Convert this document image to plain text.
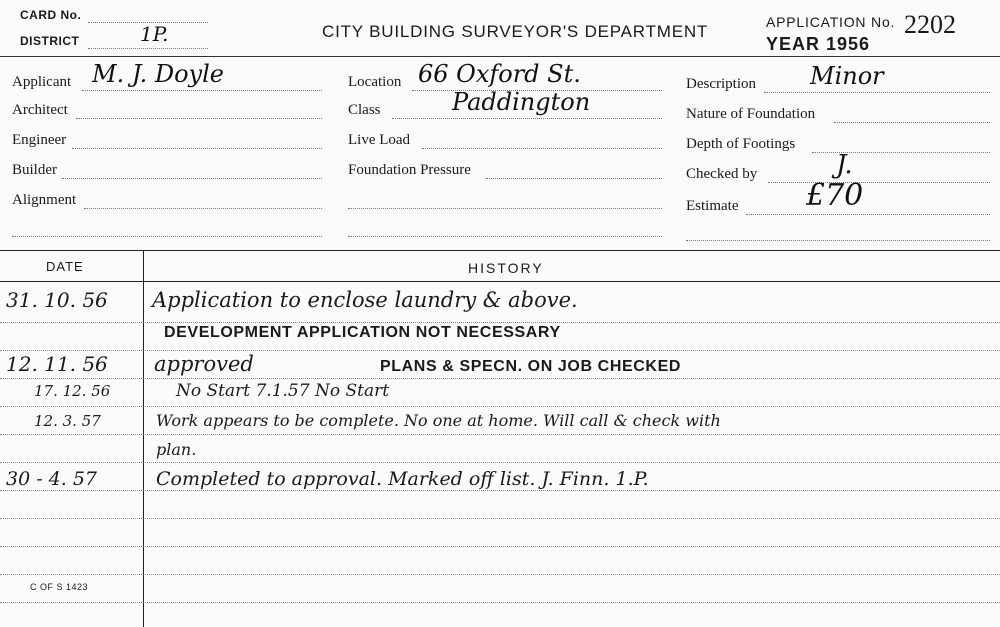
CARD No.
DISTRICT	1P.	CITY BUILDING SURVEYOR'S DEPARTMENT	APPLICATION No. 2202
YEAR 1956
Applicant M. J. Doyle
Architect
Engineer
Builder
Alignment
Location 66 Oxford St.
Class	Paddington
Live Load
Foundation Pressure
Description Minor
Nature of Foundation
Depth of Footings
Checked by	J.
Estimate £70
DATE	HISTORY
31. 10. 56 Application to enclose laundry & above.
DEVELOPMENT APPLICATION NOT NECESSARY
12. 11. 56 approved	PLANS & SPECN. ON JOB CHECKED
17. 12. 56	No Start 7.1.57 No Start
12. 3. 57	Work appears to be complete. No one at home. Will call & check with
plan.
30 - 4. 57	Completed to approval. Marked off list. J. Finn. 1.P.
C OF S 1423
